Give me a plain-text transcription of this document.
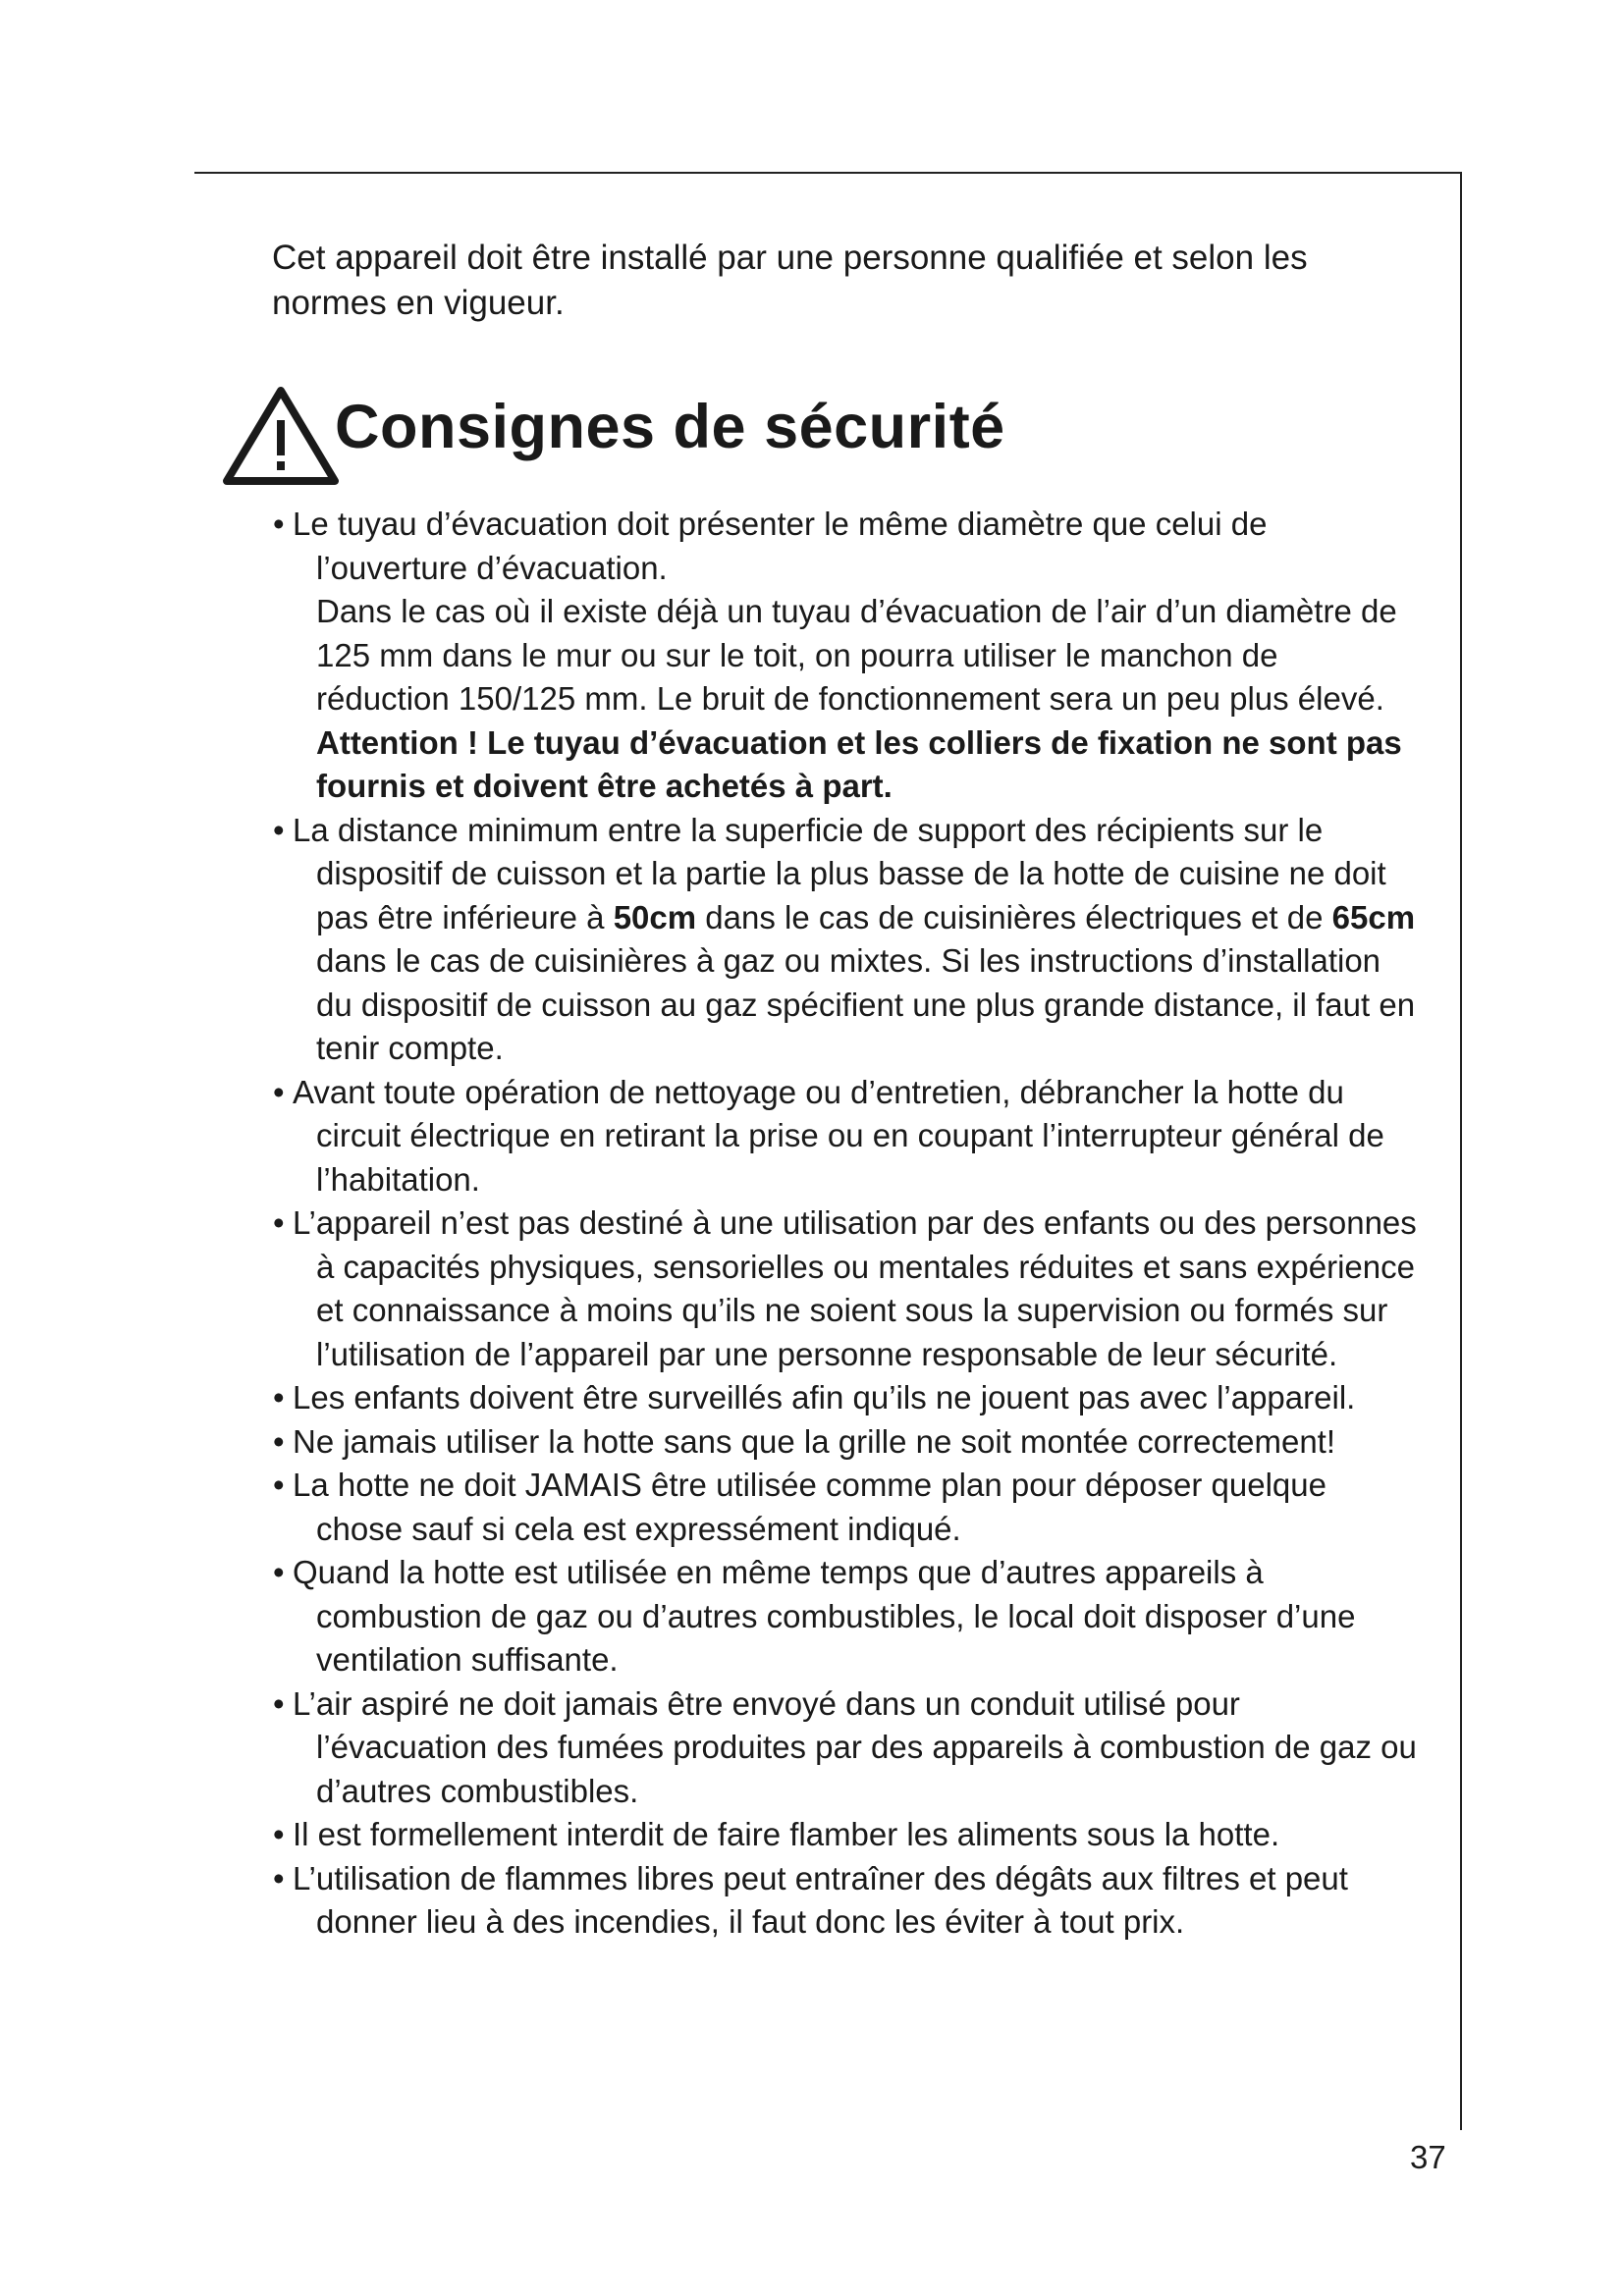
Cet appareil doit être installé par une personne qualifiée et selon les normes en vigueur.

Consignes de sécurité
• Le tuyau d’évacuation doit présenter le même diamètre que celui de l’ouverture d’évacuation.
Dans le cas où il existe déjà un tuyau d’évacuation de l’air d’un diamètre de 125 mm dans le mur ou sur le toit, on pourra utiliser le manchon de réduction 150/125 mm. Le bruit de fonctionnement sera un peu plus élevé.
Attention ! Le tuyau d’évacuation et les colliers de fixation ne sont pas fournis et doivent être achetés à part.
• La distance minimum entre la superficie de support des récipients sur le dispositif de cuisson et la partie la plus basse de la hotte de cuisine ne doit pas être inférieure à 50cm dans le cas de cuisinières électriques et de 65cm dans le cas de cuisinières à gaz ou mixtes. Si les instructions d’installation du dispositif de cuisson au gaz spécifient une plus grande distance, il faut en tenir compte.
• Avant toute opération de nettoyage ou d’entretien, débrancher la hotte du circuit électrique en retirant la prise ou en coupant l’interrupteur général de l’habitation.
• L’appareil n’est pas destiné à une utilisation par des enfants ou des personnes à capacités physiques, sensorielles ou mentales réduites et sans expérience et connaissance à moins qu’ils ne soient sous la supervision ou formés sur l’utilisation de l’appareil par une personne responsable de leur sécurité.
• Les enfants doivent être surveillés afin qu’ils ne jouent pas avec l’appareil.
• Ne jamais utiliser la hotte sans que la grille ne soit montée correctement!
• La hotte ne doit JAMAIS être utilisée comme plan pour déposer quelque chose sauf si cela est expressément indiqué.
• Quand la hotte est utilisée en même temps que d’autres appareils à combustion de gaz ou d’autres combustibles, le local doit disposer d’une ventilation suffisante.
• L’air aspiré ne doit jamais être envoyé dans un conduit utilisé pour l’évacuation des fumées produites par des appareils à combustion de gaz ou d’autres combustibles.
• Il est formellement interdit de faire flamber les aliments sous la hotte.
• L’utilisation de flammes libres peut entraîner des dégâts aux filtres et peut donner lieu à des incendies, il faut donc les éviter à tout prix.
37
